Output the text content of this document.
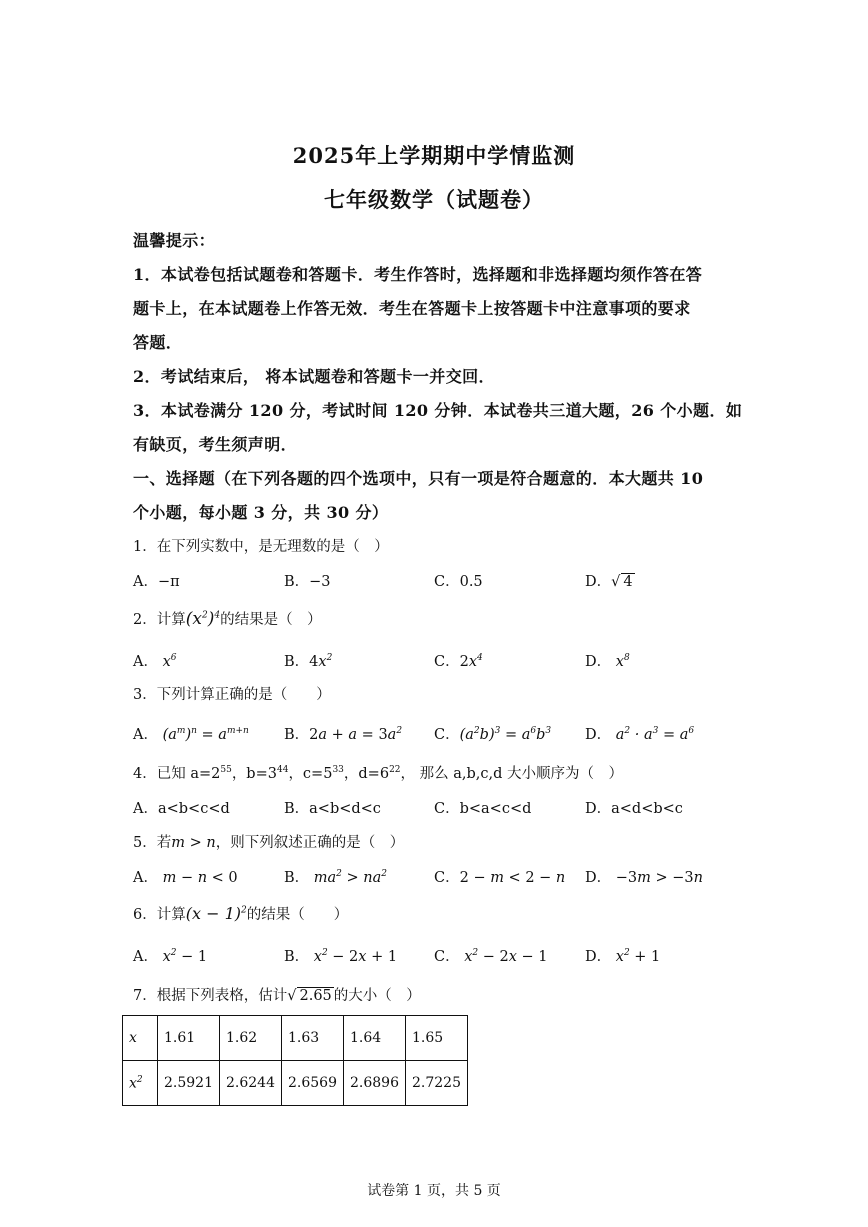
2025年上学期期中学情监测
七年级数学（试题卷）
温馨提示：
1．本试卷包括试题卷和答题卡．考生作答时，选择题和非选择题均须作答在答
题卡上，在本试题卷上作答无效．考生在答题卡上按答题卡中注意事项的要求
答题．
2．考试结束后， 将本试题卷和答题卡一并交回．
3．本试卷满分 120 分，考试时间 120 分钟．本试卷共三道大题，26 个小题．如
有缺页，考生须声明．
一、选择题（在下列各题的四个选项中，只有一项是符合题意的．本大题共 10
个小题，每小题 3 分，共 30 分）
1．在下列实数中，是无理数的是（　）
A．−π	B．−3	C．0.5	D．√ 4
2．计算$(x^2)^4$的结果是（　）
A． $x^6$	B．$4x^2$	C．$2x^4$	D． $x^8$
3．下列计算正确的是（　　）
A． $(a^m)^n = a^{m+n}$ B．$2a + a = 3a^2$ C．$(a^2b)^3 = a^6b^3$ D． $a^2 \cdot a^3 = a^6$
4．已知 $a=2^{55}$，$b=3^{44}$，$c=5^{33}$，$d=6^{22}$， 那么 a,b,c,d 大小顺序为（　）
A．a<b<c<d	B．a<b<d<c	C．b<a<c<d	D．a<d<b<c
5．若m > n，则下列叙述正确的是（　）
A． m − n < 0	B． $ma^2 > na^2$	C．2 − m < 2 − n D． −3m > −3n
6．计算$(x - 1)^2$的结果（　　）
A． $x^2 - 1$	B． $x^2 - 2x + 1$	C． $x^2 - 2x - 1$	D． $x^2 + 1$
7．根据下列表格，估计√ 2.65 的大小（　）
x	1.61	1.62	1.63	1.64	1.65
$x^2$	2.5921	2.6244	2.6569	2.6896	2.7225
试卷第 1 页，共 5 页
